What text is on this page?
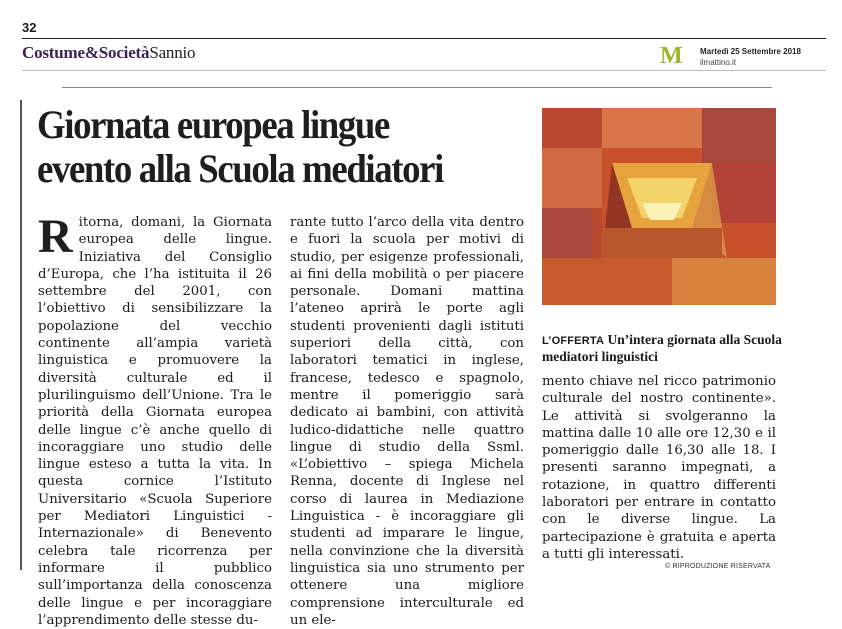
32
Costume&SocietàSannio	M	Martedì 25 Settembre 2018
ilmattino.it
Giornata europea lingue
evento alla Scuola mediatori
R itorna, domani, la Giornata europea delle lingue. Iniziativa del Consiglio d’Europa, che l’ha istituita il 26 settembre del 2001, con l’obiettivo di sensibilizzare la popolazione del vecchio continente all’ampia varietà linguistica e promuovere la diversità culturale ed il plurilinguismo dell’Unione. Tra le priorità della Giornata europea delle lingue c’è anche quello di incoraggiare uno studio delle lingue esteso a tutta la vita. In questa cornice l’Istituto Universitario «Scuola Superiore per Mediatori Linguistici - Internazionale» di Benevento celebra tale ricorrenza per informare il pubblico sull’importanza della conoscenza delle lingue e per incoraggiare l’apprendimento delle stesse du-

rante tutto l’arco della vita dentro e fuori la scuola per motivi di studio, per esigenze professionali, ai fini della mobilità o per piacere personale. Domani mattina l’ateneo aprirà le porte agli studenti provenienti dagli istituti superiori della città, con laboratori tematici in inglese, francese, tedesco e spagnolo, mentre il pomeriggio sarà dedicato ai bambini, con attività ludico-didattiche nelle quattro lingue di studio della Ssml. «L’obiettivo – spiega Michela Renna, docente di Inglese nel corso di laurea in Mediazione Linguistica - è incoraggiare gli studenti ad imparare le lingue, nella convinzione che la diversità linguistica sia uno strumento per ottenere una migliore comprensione interculturale ed un ele-

L’OFFERTA Un’intera giornata alla Scuola mediatori linguistici

mento chiave nel ricco patrimonio culturale del nostro continente». Le attività si svolgeranno la mattina dalle 10 alle ore 12,30 e il pomeriggio dalle 16,30 alle 18. I presenti saranno impegnati, a rotazione, in quattro differenti laboratori per entrare in contatto con le diverse lingue. La partecipazione è gratuita e aperta a tutti gli interessati.

© RIPRODUZIONE RISERVATA
